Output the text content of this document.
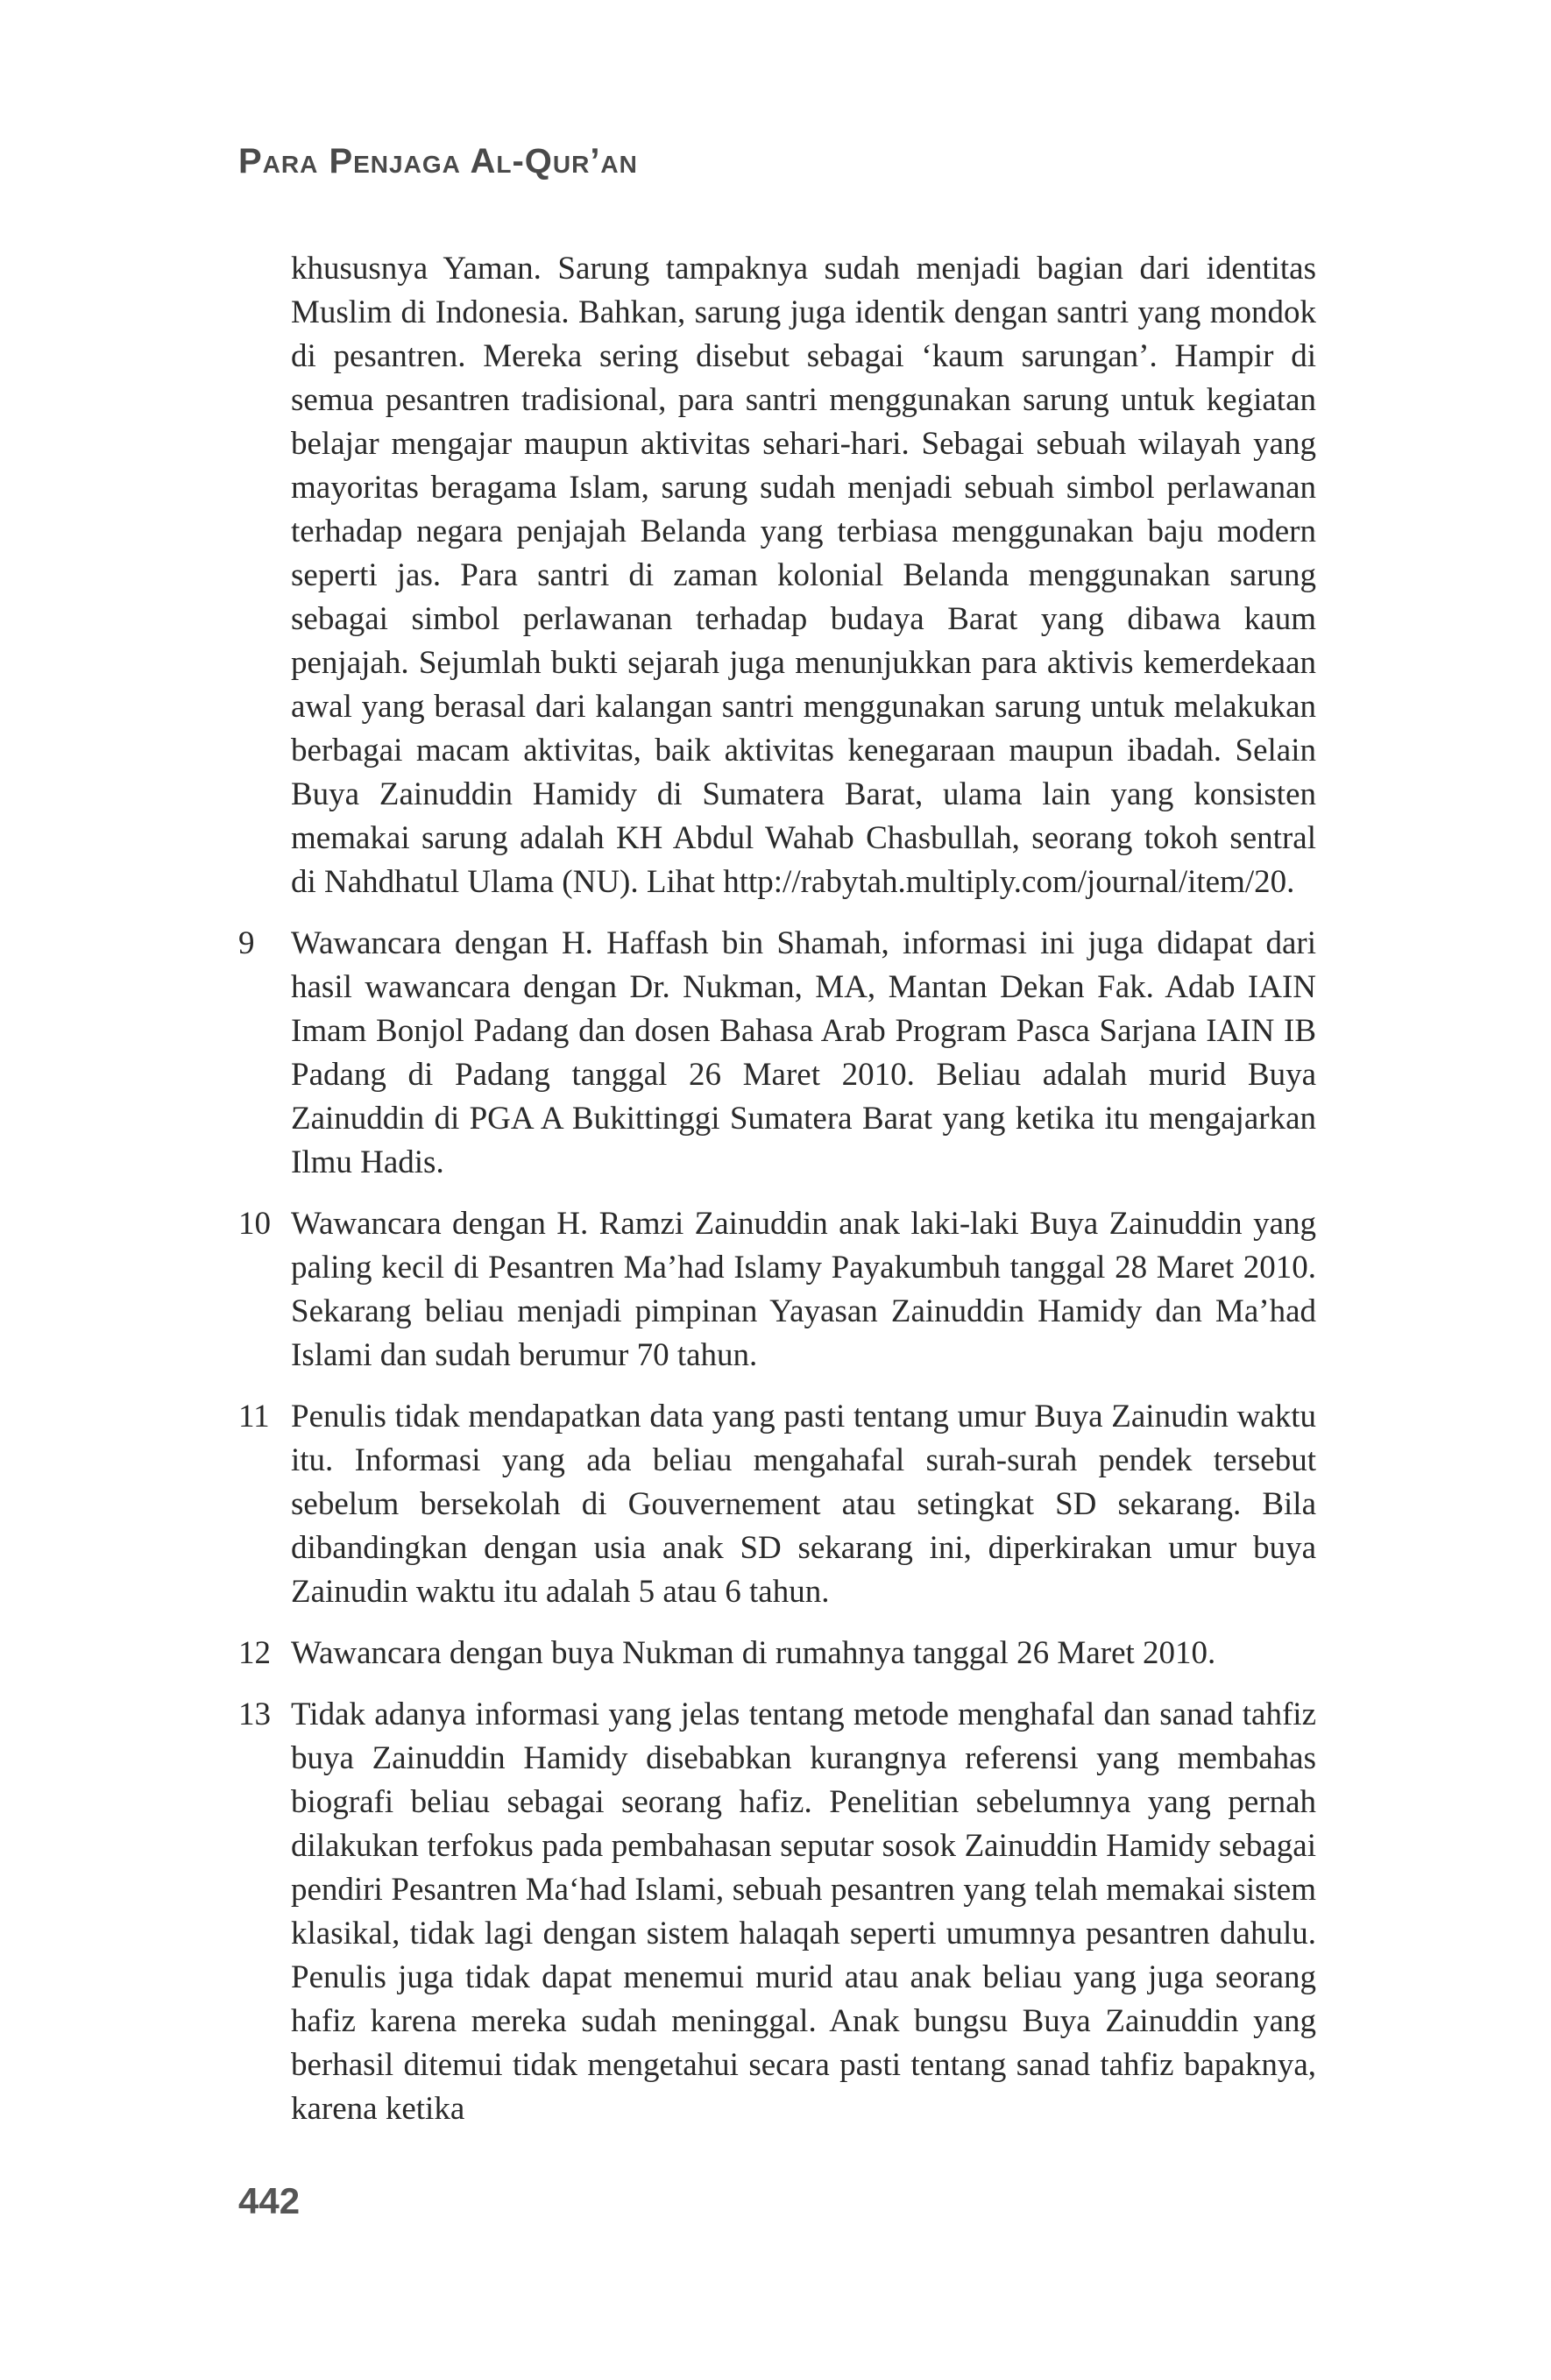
Para Penjaga Al-Qur’an
khususnya Yaman. Sarung tampaknya sudah menjadi bagian dari identitas Muslim di Indonesia. Bahkan, sarung juga identik dengan santri yang mondok di pesantren. Mereka sering disebut sebagai ‘kaum sarungan’. Hampir di semua pesantren tradisional, para santri menggunakan sarung untuk kegiatan belajar mengajar maupun aktivitas sehari-hari. Sebagai sebuah wilayah yang mayoritas beragama Islam, sarung sudah menjadi sebuah simbol perlawanan terhadap negara penjajah Belanda yang terbiasa menggunakan baju modern seperti jas. Para santri di zaman kolonial Belanda menggunakan sarung sebagai simbol perlawanan terhadap budaya Barat yang dibawa kaum penjajah. Sejumlah bukti sejarah juga menunjukkan para aktivis kemerdekaan awal yang berasal dari kalangan santri menggunakan sarung untuk melakukan berbagai macam aktivitas, baik aktivitas kenegaraan maupun ibadah. Selain Buya Zainuddin Hamidy di Sumatera Barat, ulama lain yang konsisten memakai sarung adalah KH Abdul Wahab Chasbullah, seorang tokoh sentral di Nahdhatul Ulama (NU). Lihat http://rabytah.multiply.com/journal/item/20.
9 Wawancara dengan H. Haffash bin Shamah, informasi ini juga didapat dari hasil wawancara dengan Dr. Nukman, MA, Mantan Dekan Fak. Adab IAIN Imam Bonjol Padang dan dosen Bahasa Arab Program Pasca Sarjana IAIN IB Padang di Padang tanggal 26 Maret 2010. Beliau adalah murid Buya Zainuddin di PGA A Bukittinggi Sumatera Barat yang ketika itu mengajarkan Ilmu Hadis.
10 Wawancara dengan H. Ramzi Zainuddin anak laki-laki Buya Zainuddin yang paling kecil di Pesantren Ma’had Islamy Payakumbuh tanggal 28 Maret 2010. Sekarang beliau menjadi pimpinan Yayasan Zainuddin Hamidy dan Ma’had Islami dan sudah berumur 70 tahun.
11 Penulis tidak mendapatkan data yang pasti tentang umur Buya Zainudin waktu itu. Informasi yang ada beliau mengahafal surah-surah pendek tersebut sebelum bersekolah di Gouvernement atau setingkat SD sekarang. Bila dibandingkan dengan usia anak SD sekarang ini, diperkirakan umur buya Zainudin waktu itu adalah 5 atau 6 tahun.
12 Wawancara dengan buya Nukman di rumahnya tanggal 26 Maret 2010.
13 Tidak adanya informasi yang jelas tentang metode menghafal dan sanad tahfiz buya Zainuddin Hamidy disebabkan kurangnya referensi yang membahas biografi beliau sebagai seorang hafiz. Penelitian sebelumnya yang pernah dilakukan terfokus pada pembahasan seputar sosok Zainuddin Hamidy sebagai pendiri Pesantren Ma‘had Islami, sebuah pesantren yang telah memakai sistem klasikal, tidak lagi dengan sistem halaqah seperti umumnya pesantren dahulu. Penulis juga tidak dapat menemui murid atau anak beliau yang juga seorang hafiz karena mereka sudah meninggal. Anak bungsu Buya Zainuddin yang berhasil ditemui tidak mengetahui secara pasti tentang sanad tahfiz bapaknya, karena ketika
442
